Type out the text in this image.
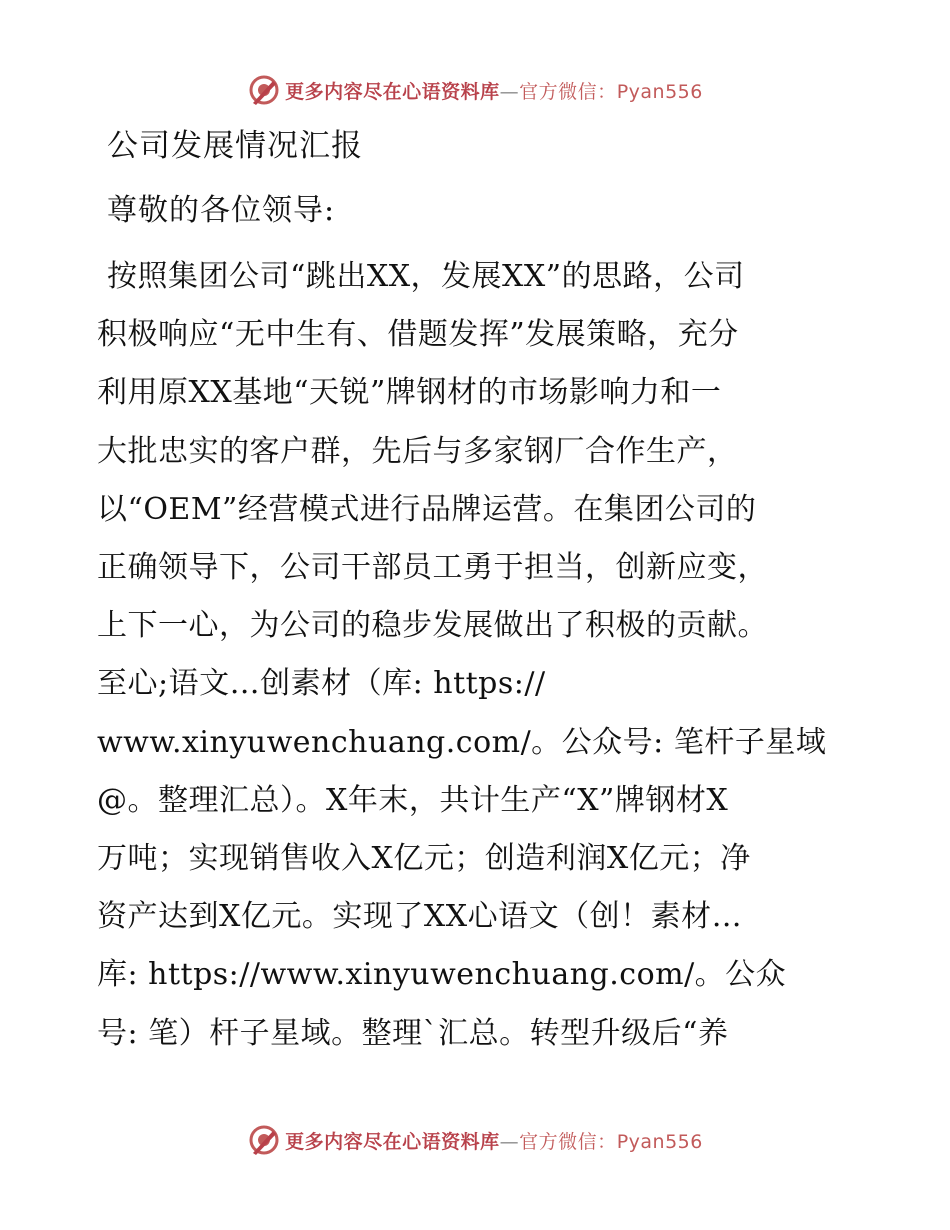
更多内容尽在心语资料库—官方微信：Pyan556
公司发展情况汇报

尊敬的各位领导:

按照集团公司“跳出XX，发展XX”的思路，公司
积极响应“无中生有、借题发挥”发展策略，充分
利用原XX基地“天锐”牌钢材的市场影响力和一
大批忠实的客户群，先后与多家钢厂合作生产，
以“OEM”经营模式进行品牌运营。在集团公司的
正确领导下，公司干部员工勇于担当，创新应变，
上下一心，为公司的稳步发展做出了积极的贡献。
至心;语文…创素材（库: https://
www.xinyuwenchuang.com/。公众号: 笔杆子星域
@。整理汇总）。X年末，共计生产“X”牌钢材X
万吨；实现销售收入X亿元；创造利润X亿元；净
资产达到X亿元。实现了XX心语文（创！素材…
库: https://www.xinyuwenchuang.com/。公众
号: 笔）杆子星域。整理`汇总。转型升级后“养
更多内容尽在心语资料库—官方微信：Pyan556
